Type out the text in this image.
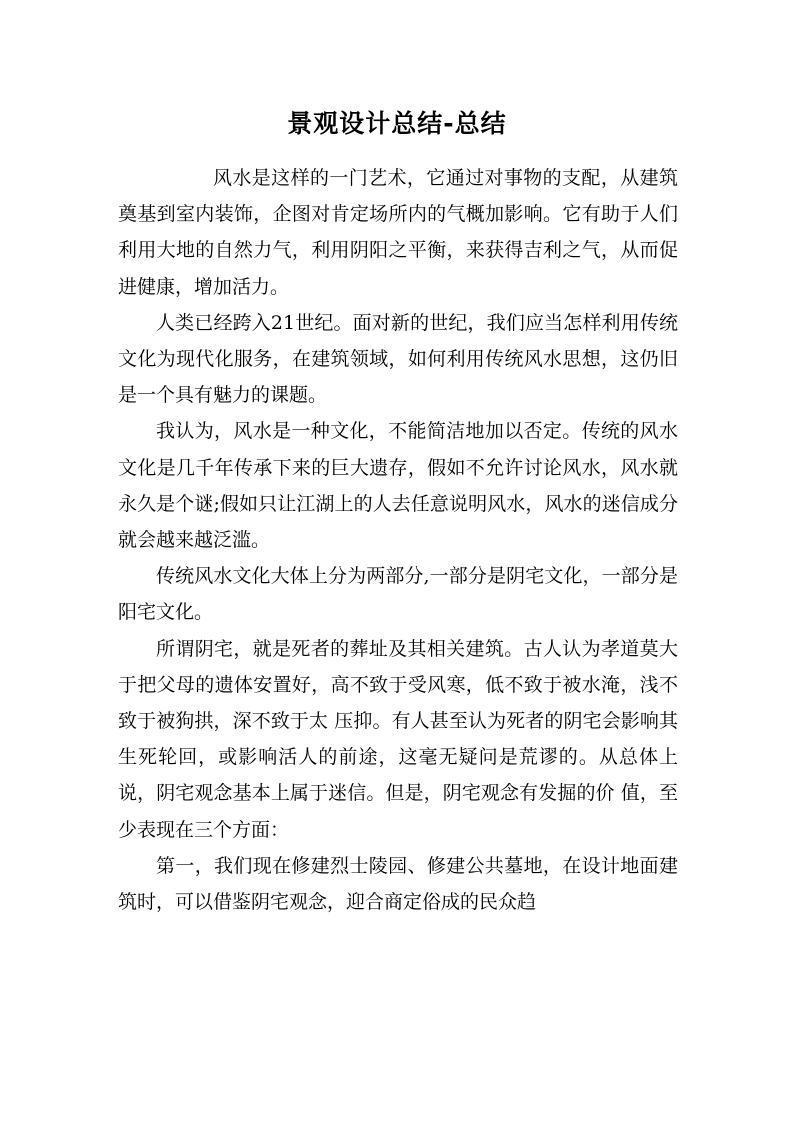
景观设计总结-总结

风水是这样的一门艺术，它通过对事物的支配，从建筑奠基到室内装饰，企图对肯定场所内的气概加影响。它有助于人们利用大地的自然力气，利用阴阳之平衡，来获得吉利之气，从而促进健康，增加活力。

人类已经跨入21世纪。面对新的世纪，我们应当怎样利用传统文化为现代化服务，在建筑领域，如何利用传统风水思想，这仍旧是一个具有魅力的课题。

我认为，风水是一种文化，不能简洁地加以否定。传统的风水文化是几千年传承下来的巨大遗存，假如不允许讨论风水，风水就永久是个谜;假如只让江湖上的人去任意说明风水，风水的迷信成分就会越来越泛滥。

传统风水文化大体上分为两部分,一部分是阴宅文化，一部分是阳宅文化。

所谓阴宅，就是死者的葬址及其相关建筑。古人认为孝道莫大于把父母的遗体安置好，高不致于受风寒，低不致于被水淹，浅不致于被狗拱，深不致于太 压抑。有人甚至认为死者的阴宅会影响其生死轮回，或影响活人的前途，这毫无疑问是荒谬的。从总体上说，阴宅观念基本上属于迷信。但是，阴宅观念有发掘的价 值，至少表现在三个方面：

第一，我们现在修建烈士陵园、修建公共墓地，在设计地面建筑时，可以借鉴阴宅观念，迎合商定俗成的民众趋
